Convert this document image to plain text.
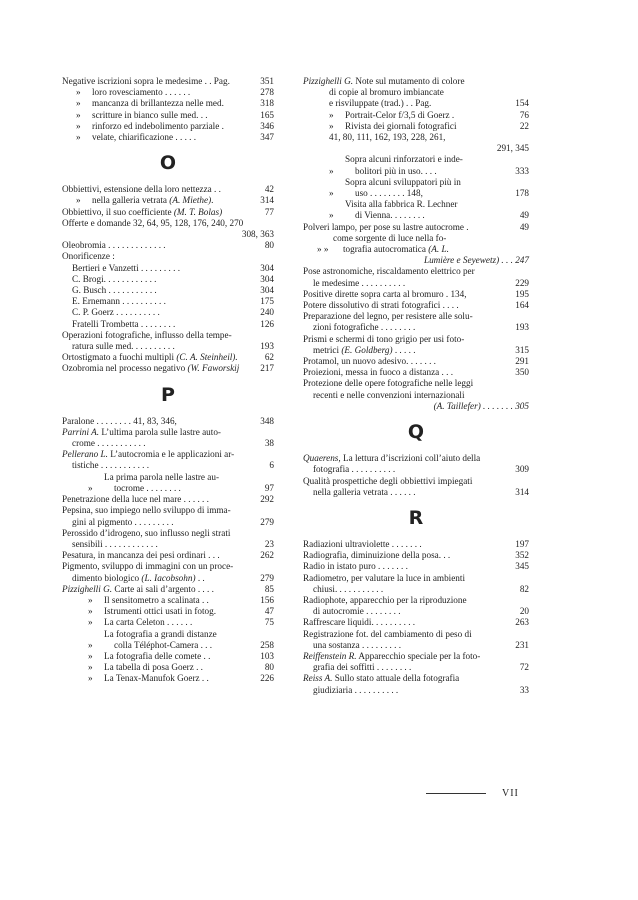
Negative iscrizioni sopra le medesime . . Pag.	351
»	loro rovesciamento . . . . . .	278
»	mancanza di brillantezza nelle med.	318
»	scritture in bianco sulle med. . .	165
»	rinforzo ed indebolimento parziale .	346
»	velate, chiarificazione . . . . .	347
O
Obbiettivi, estensione della loro nettezza . .	42
»	nella galleria vetrata (A. Miethe).	314
Obbiettivo, il suo coefficiente (M. T. Bolas)	77
Offerte e domande 32, 64, 95, 128, 176, 240, 270
308, 363
Oleobromia . . . . . . . . . . . . .	80
Onorificenze :
Bertieri e Vanzetti . . . . . . . . .	304
C. Brogi. . . . . . . . . . . .	304
G. Busch . . . . . . . . . . .	304
E. Ernemann . . . . . . . . . .	175
C. P. Goerz . . . . . . . . . .	240
Fratelli Trombetta . . . . . . . .	126
Operazioni fotografiche, influsso della tempe-
ratura sulle med. . . . . . . . . .	193
Ortostigmato a fuochi multipli (C. A. Steinheil).	62
Ozobromia nel processo negativo (W. Faworskij	217
P
Paralone . . . . . . . . 41, 83, 346,	348
Parrini A. L’ultima parola sulle lastre auto-
crome . . . . . . . . . . .	38
Pellerano L. L’autocromia e le applicazioni ar-
tistiche . . . . . . . . . . .	6
»
La prima parola nelle lastre au-
tocrome . . . . . . . .	97
Penetrazione della luce nel mare . . . . . .	292
Pepsina, suo impiego nello sviluppo di imma-
gini al pigmento . . . . . . . . .	279
Perossido d’idrogeno, suo influsso negli strati
sensibili . . . . . . . . . . . .	23
Pesatura, in mancanza dei pesi ordinari . . .	262
Pigmento, sviluppo di immagini con un proce-
dimento biologico (L. Iacobsohn) . .	279
Pizzighelli G. Carte ai sali d’argento . . . .	85
»	Il sensitometro a scalinata . .	156
»	Istrumenti ottici usati in fotog.	47
»	La carta Celeton . . . . . .	75
»
La fotografia a grandi distanze
colla Téléphot-Camera . . .	258
»	La fotografia delle comete . .	103
»	La tabella di posa Goerz . .	80
»	La Tenax-Manufok Goerz . .	226
Pizzighelli G. Note sul mutamento di colore
di copie al bromuro imbiancate
e risviluppate (trad.) . . Pag.	154
»	Portrait-Celor f/3,5 di Goerz .	76
»	Rivista dei giornali fotografici	22
41, 80, 111, 162, 193, 228, 261,
291, 345
»
Sopra alcuni rinforzatori e inde-
bolitori più in uso. . . .	333
»
Sopra alcuni sviluppatori più in
uso . . . . . . . . 148,	178
»
Visita alla fabbrica R. Lechner
di Vienna. . . . . . . .	49
Polveri lampo, per pose su lastre autocrome .	49
» »
come sorgente di luce nella fo-
tografia autocromatica (A. L.
Lumière e Seyewetz) . . . 247
Pose astronomiche, riscaldamento elettrico per
le medesime . . . . . . . . . .	229
Positive dirette sopra carta al bromuro . 134,	195
Potere dissolutivo di strati fotografici . . . .	164
Preparazione del legno, per resistere alle solu-
zioni fotografiche . . . . . . . .	193
Prismi e schermi di tono grigio per usi foto-
metrici (E. Goldberg) . . . . .	315
Protamol, un nuovo adesivo. . . . . . .	291
Proiezioni, messa in fuoco a distanza . . .	350
Protezione delle opere fotografiche nelle leggi
recenti e nelle convenzioni internazionali
(A. Taillefer) . . . . . . . 305
Q
Quaerens, La lettura d’iscrizioni coll’aiuto della
fotografia . . . . . . . . . .	309
Qualità prospettiche degli obbiettivi impiegati
nella galleria vetrata . . . . . .	314
R
Radiazioni ultraviolette . . . . . . .	197
Radiografia, diminuizione della posa. . .	352
Radio in istato puro . . . . . . .	345
Radiometro, per valutare la luce in ambienti
chiusi. . . . . . . . . . .	82
Radiophote, apparecchio per la riproduzione
di autocromie . . . . . . . .	20
Raffrescare liquidi. . . . . . . . . .	263
Registrazione fot. del cambiamento di peso di
una sostanza . . . . . . . . .	231
Reiffenstein R. Apparecchio speciale per la foto-
grafia dei soffitti . . . . . . . .	72
Reiss A. Sullo stato attuale della fotografia
giudiziaria . . . . . . . . . .	33
VII
